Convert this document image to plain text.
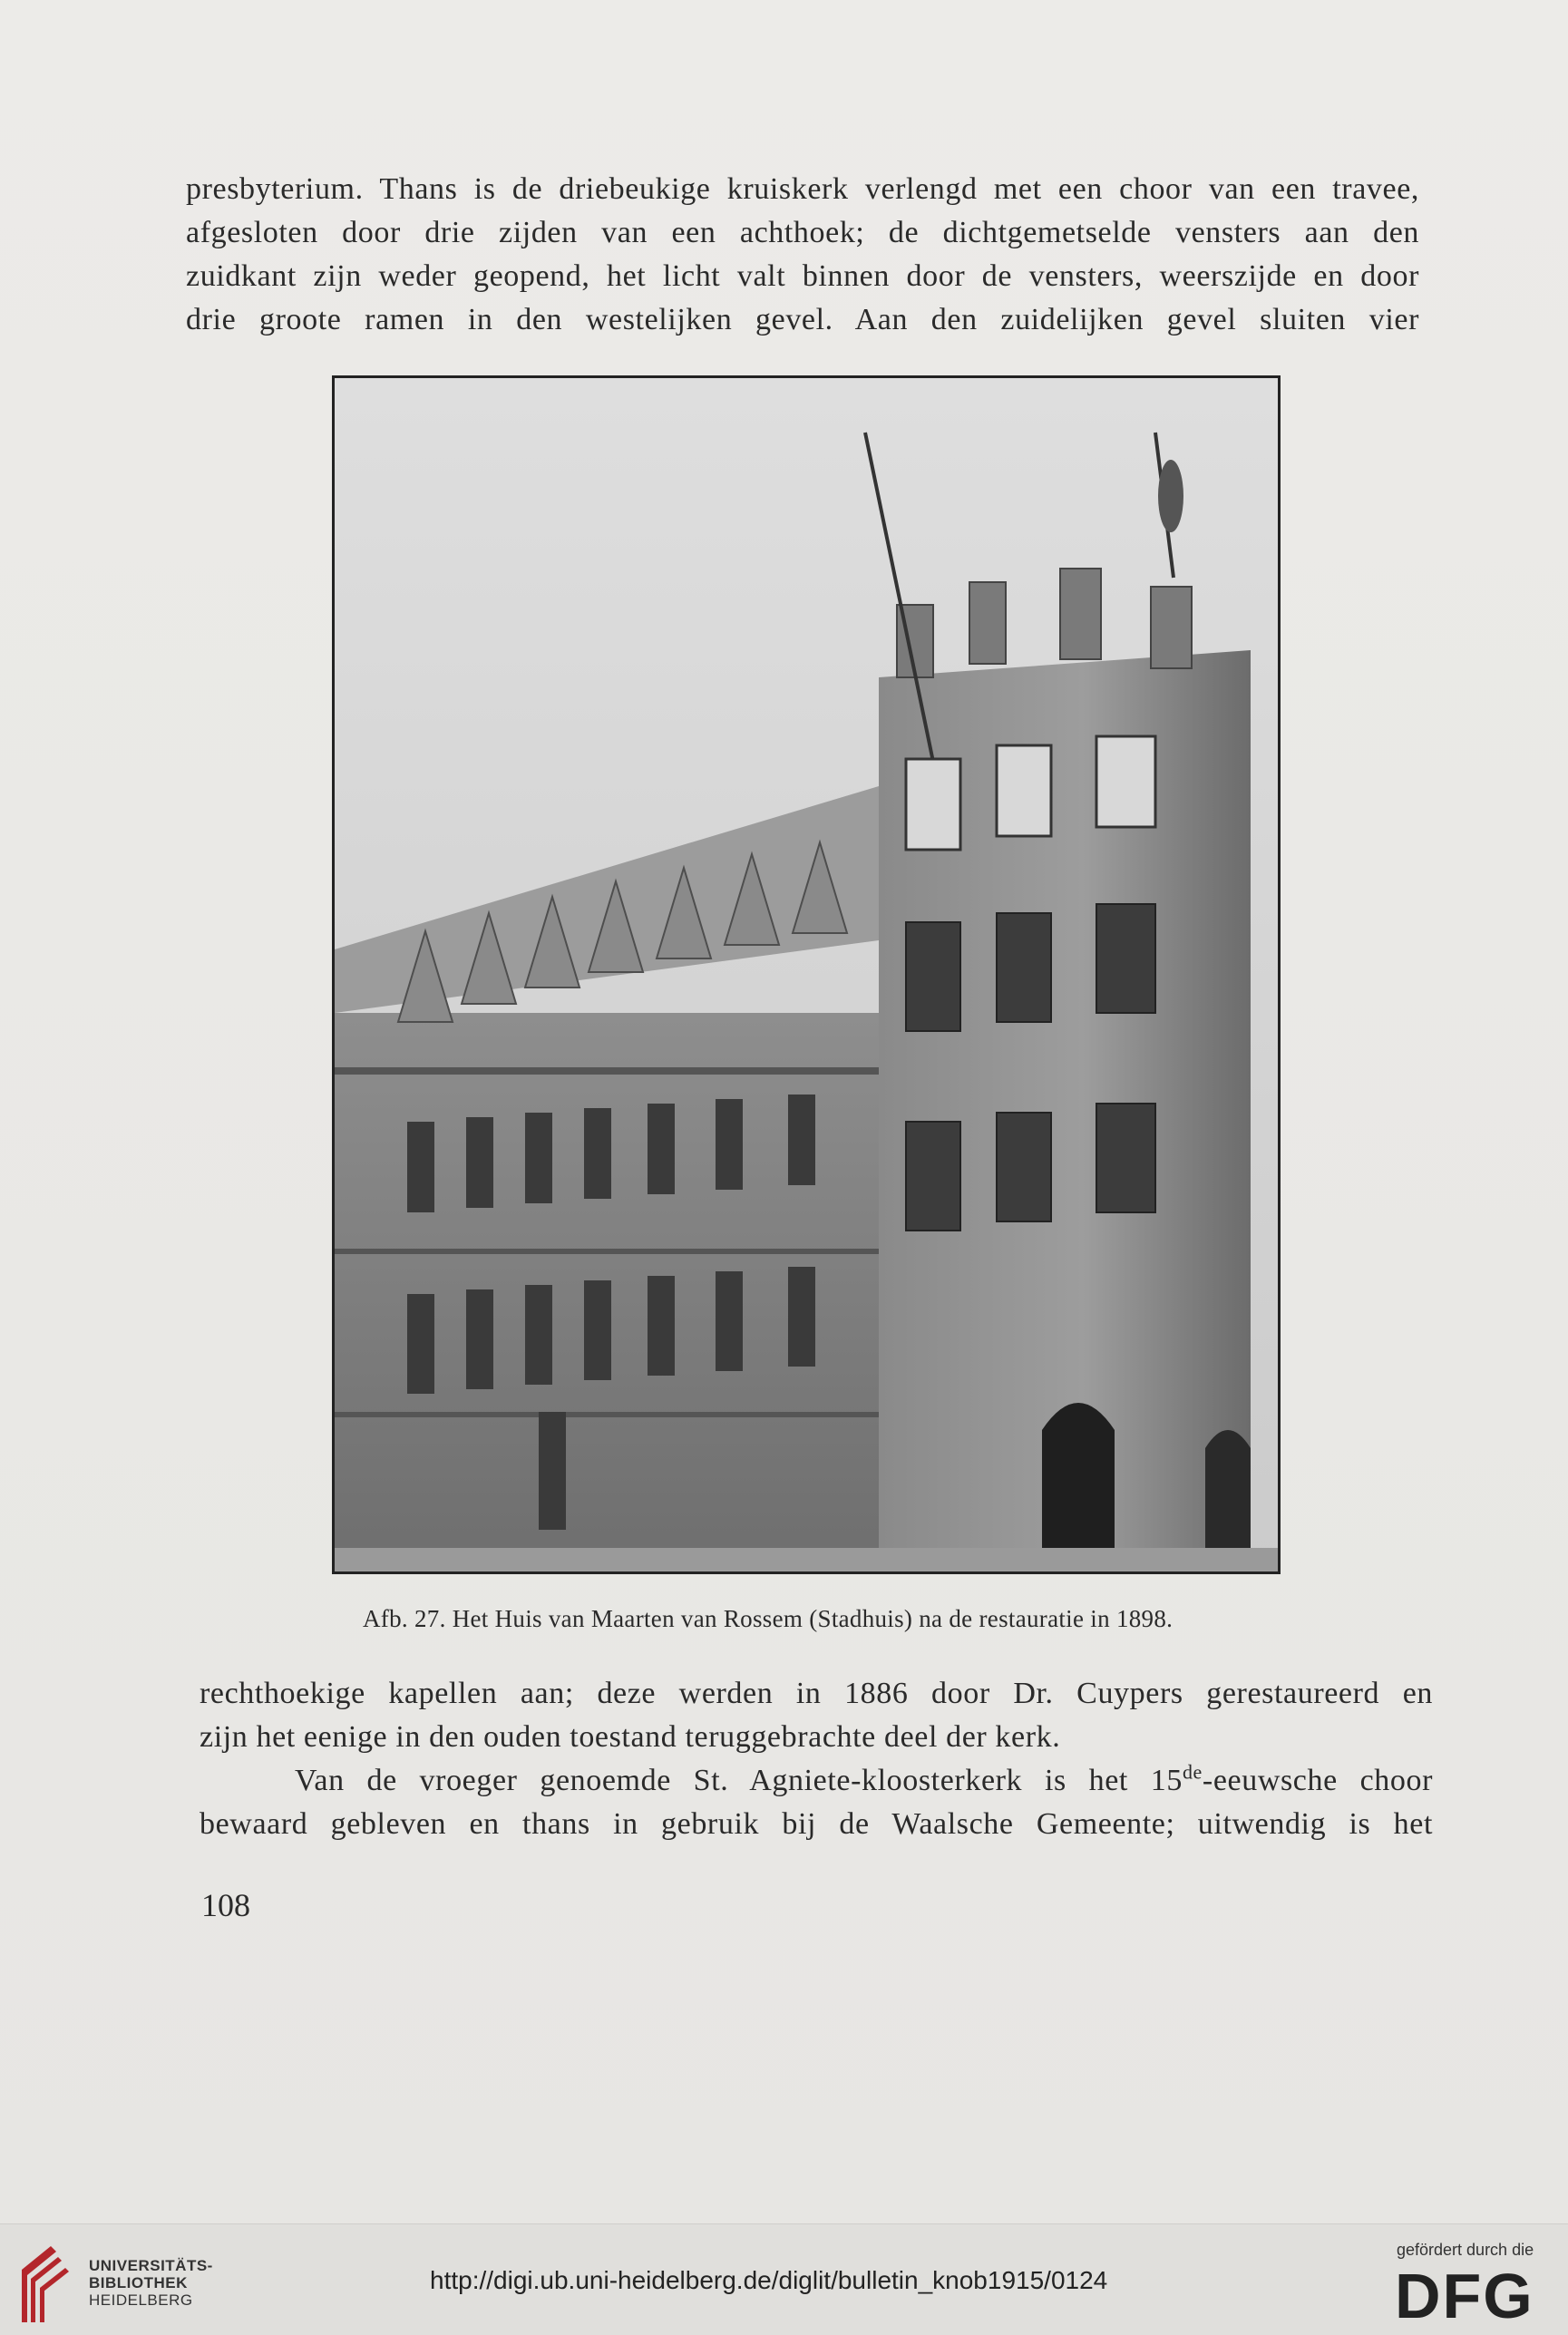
presbyterium. Thans is de driebeukige kruiskerk verlengd met een choor van een travee,
afgesloten door drie zijden van een achthoek; de dichtgemetselde vensters aan den
zuidkant zijn weder geopend, het licht valt binnen door de vensters, weerszijde en door
drie groote ramen in den westelijken gevel. Aan den zuidelijken gevel sluiten vier
Afb. 27. Het Huis van Maarten van Rossem (Stadhuis) na de restauratie in 1898.
rechthoekige kapellen aan; deze werden in 1886 door Dr. Cuypers gerestaureerd en
zijn het eenige in den ouden toestand teruggebrachte deel der kerk.
Van de vroeger genoemde St. Agniete-kloosterkerk is het 15de-eeuwsche choor
bewaard gebleven en thans in gebruik bij de Waalsche Gemeente; uitwendig is het
108
UNIVERSITÄTS-
BIBLIOTHEK
HEIDELBERG
http://digi.ub.uni-heidelberg.de/diglit/bulletin_knob1915/0124
gefördert durch die
DFG
